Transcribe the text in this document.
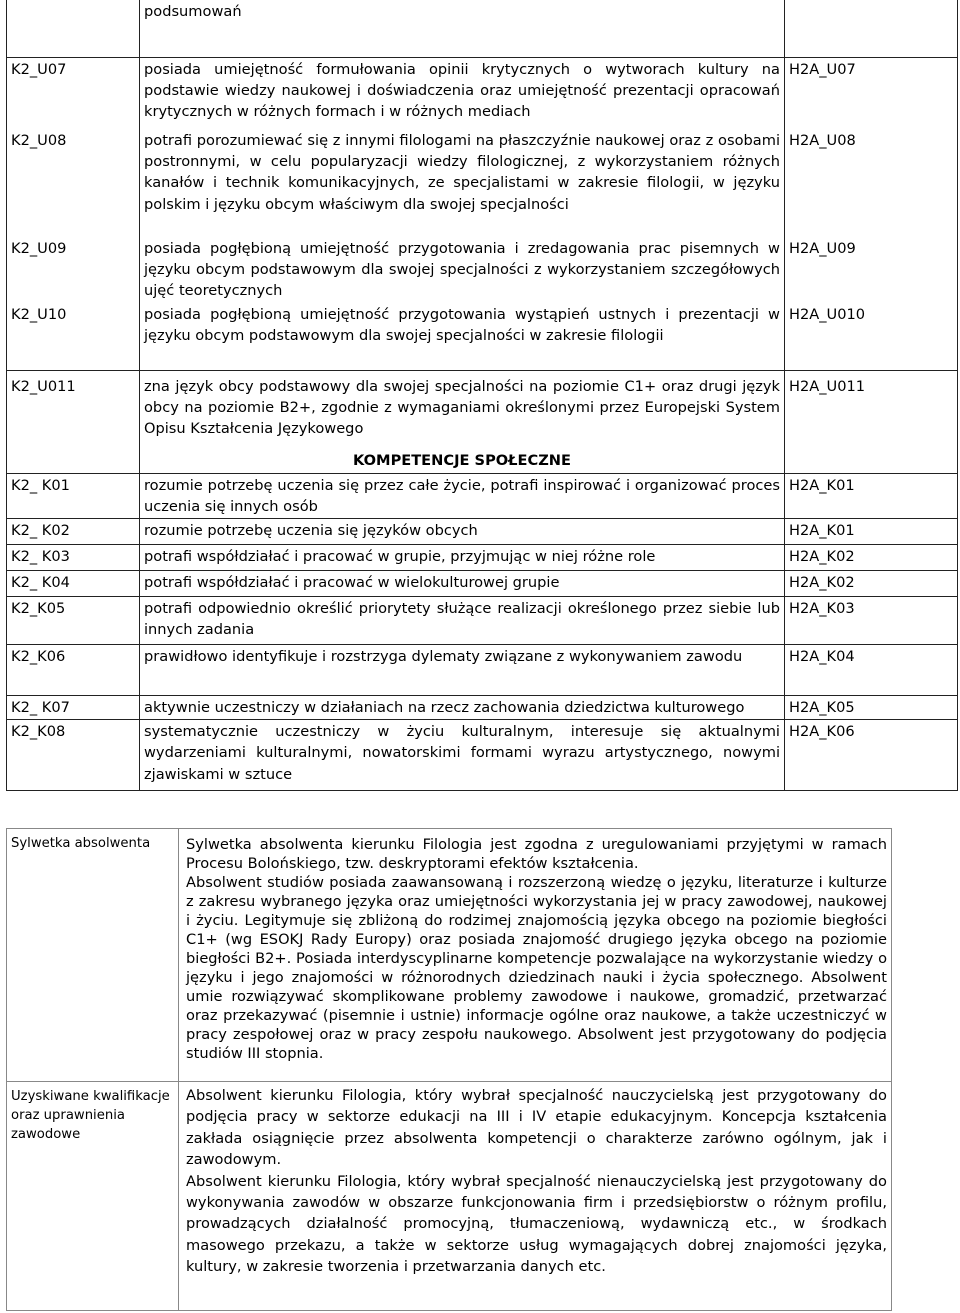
	podsumowań	
K2_U07	posiada umiejętność formułowania opinii krytycznych o wytworach kultury na podstawie wiedzy naukowej i doświadczenia oraz umiejętność prezentacji opracowań krytycznych w różnych formach i w różnych mediach	H2A_U07
K2_U08	potrafi porozumiewać się z innymi filologami na płaszczyźnie naukowej oraz z osobami postronnymi, w celu popularyzacji wiedzy filologicznej, z wykorzystaniem różnych kanałów i technik komunikacyjnych, ze specjalistami w zakresie filologii, w języku polskim i języku obcym właściwym dla swojej specjalności	H2A_U08
K2_U09	posiada pogłębioną umiejętność przygotowania i zredagowania prac pisemnych w języku obcym podstawowym dla swojej specjalności z wykorzystaniem szczegółowych ujęć teoretycznych	H2A_U09
K2_U10	posiada pogłębioną umiejętność przygotowania wystąpień ustnych i prezentacji w języku obcym podstawowym dla swojej specjalności w zakresie filologii	H2A_U010
K2_U011	zna język obcy podstawowy dla swojej specjalności na poziomie C1+ oraz drugi język obcy na poziomie B2+, zgodnie z wymaganiami określonymi przez Europejski System Opisu Kształcenia Językowego	H2A_U011
	KOMPETENCJE SPOŁECZNE	
K2_ K01	rozumie potrzebę uczenia się przez całe życie, potrafi inspirować i organizować proces uczenia się innych osób	H2A_K01
K2_ K02	rozumie potrzebę uczenia się języków obcych	H2A_K01
K2_ K03	potrafi współdziałać i pracować w grupie, przyjmując w niej różne role	H2A_K02
K2_ K04	potrafi współdziałać i pracować w wielokulturowej grupie	H2A_K02
K2_K05	potrafi odpowiednio określić priorytety służące realizacji określonego przez siebie lub innych zadania	H2A_K03
K2_K06	prawidłowo identyfikuje i rozstrzyga dylematy związane z wykonywaniem zawodu	H2A_K04
K2_ K07	aktywnie uczestniczy w działaniach na rzecz zachowania dziedzictwa kulturowego	H2A_K05
K2_K08	systematycznie uczestniczy w życiu kulturalnym, interesuje się aktualnymi wydarzeniami kulturalnymi, nowatorskimi formami wyrazu artystycznego, nowymi zjawiskami w sztuce	H2A_K06
Sylwetka absolwenta	Sylwetka absolwenta kierunku Filologia jest zgodna z uregulowaniami przyjętymi w ramach Procesu Bolońskiego, tzw. deskryptorami efektów kształcenia.

Absolwent studiów posiada zaawansowaną i rozszerzoną wiedzę o języku, literaturze i kulturze z zakresu wybranego języka oraz umiejętności wykorzystania jej w pracy zawodowej, naukowej i życiu. Legitymuje się zbliżoną do rodzimej znajomością języka obcego na poziomie biegłości C1+ (wg ESOKJ Rady Europy) oraz posiada znajomość drugiego języka obcego na poziomie biegłości B2+. Posiada interdyscyplinarne kompetencje pozwalające na wykorzystanie wiedzy o języku i jego znajomości w różnorodnych dziedzinach nauki i życia społecznego. Absolwent umie rozwiązywać skomplikowane problemy zawodowe i naukowe, gromadzić, przetwarzać oraz przekazywać (pisemnie i ustnie) informacje ogólne oraz naukowe, a także uczestniczyć w pracy zespołowej oraz w pracy zespołu naukowego. Absolwent jest przygotowany do podjęcia studiów III stopnia.

Uzyskiwane kwalifikacje oraz uprawnienia zawodowe	Absolwent kierunku Filologia, który wybrał specjalność nauczycielską jest przygotowany do podjęcia pracy w sektorze edukacji na III i IV etapie edukacyjnym. Koncepcja kształcenia zakłada osiągnięcie przez absolwenta kompetencji o charakterze zarówno ogólnym, jak i zawodowym.

Absolwent kierunku Filologia, który wybrał specjalność nienauczycielską jest przygotowany do wykonywania zawodów w obszarze funkcjonowania firm i przedsiębiorstw o różnym profilu, prowadzących działalność promocyjną, tłumaczeniową, wydawniczą etc., w środkach masowego przekazu, a także w sektorze usług wymagających dobrej znajomości języka, kultury, w zakresie tworzenia i przetwarzania danych etc.
